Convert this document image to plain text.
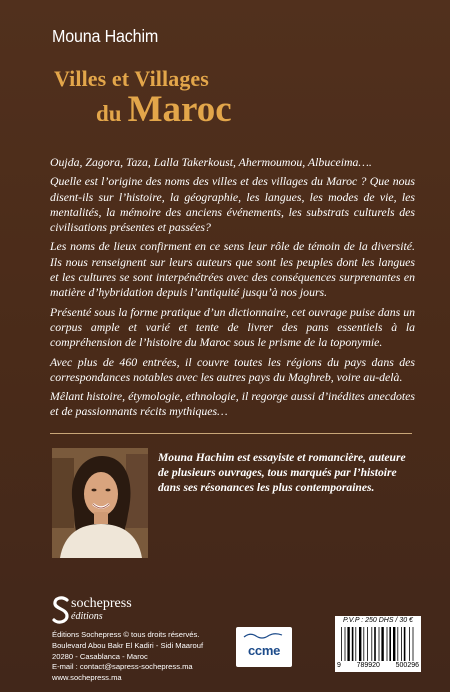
Mouna Hachim
Villes et Villages
du Maroc

Oujda, Zagora, Taza, Lalla Takerkoust, Ahermoumou, Albuceima….

Quelle est l’origine des noms des villes et des villages du Maroc ? Que nous disent-ils sur l’histoire, la géographie, les langues, les modes de vie, les mentalités, la mémoire des anciens événements, les substrats culturels des civilisations présentes et passées?

Les noms de lieux confirment en ce sens leur rôle de témoin de la diversité. Ils nous renseignent sur leurs auteurs que sont les peuples dont les langues et les cultures se sont interpénétrées avec des conséquences surprenantes en matière d’hybridation depuis l’antiquité jusqu’à nos jours.

Présenté sous la forme pratique d’un dictionnaire, cet ouvrage puise dans un corpus ample et varié et tente de livrer des pans essentiels à la compréhension de l’histoire du Maroc sous le prisme de la toponymie.

Avec plus de 460 entrées, il couvre toutes les régions du pays dans des correspondances notables avec les autres pays du Maghreb, voire au-delà.

Mêlant histoire, étymologie, ethnologie, il regorge aussi d’inédites anecdotes et de passionnants récits mythiques…

Mouna Hachim est essayiste et romancière, auteure de plusieurs ouvrages, tous marqués par l’histoire dans ses résonances les plus contemporaines.
sochepress
éditions
Éditions Sochepress © tous droits réservés.
Boulevard Abou Bakr El Kadiri - Sidi Maarouf
20280 - Casablanca - Maroc
E-mail : contact@sapress-sochepress.ma
www.sochepress.ma
ccme
P.V.P : 250 DHS / 30 €
9 789920 500296
